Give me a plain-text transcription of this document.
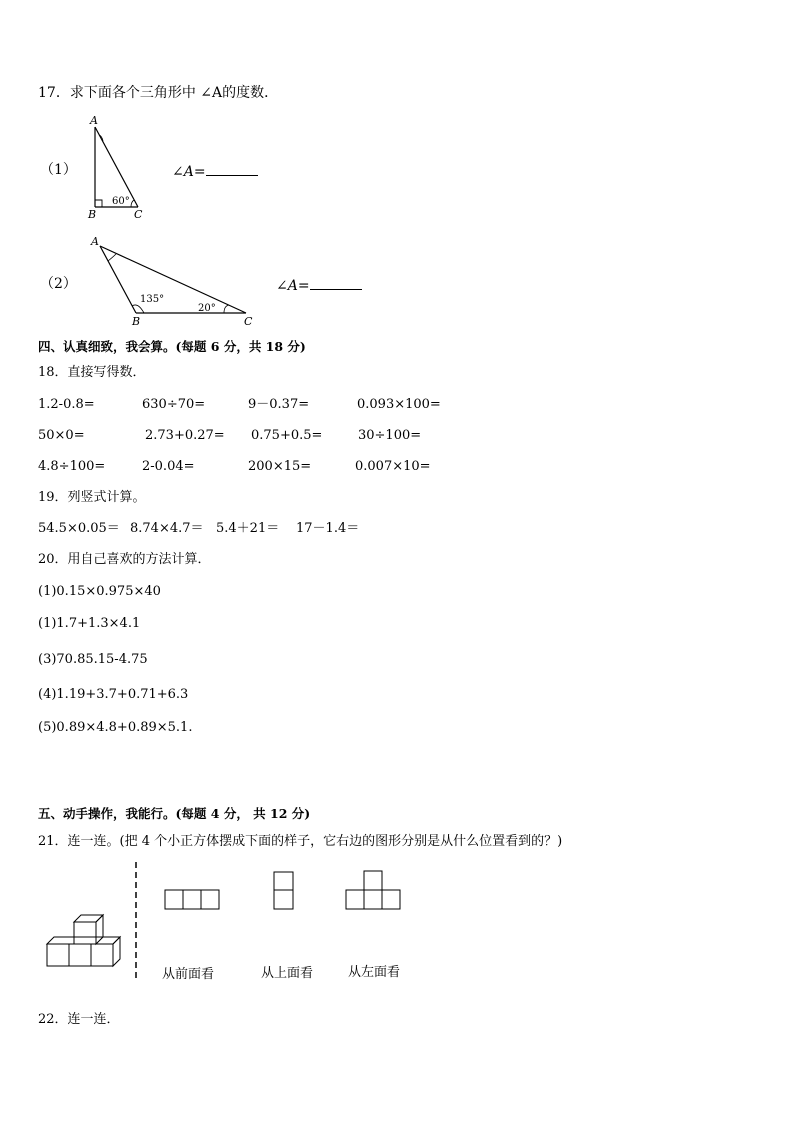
17．求下面各个三角形中 ∠A的度数．
（1）
A
B	C
60°
∠A=
（2）
A
B	C
135°
20°
∠A=
四、认真细致，我会算。(每题 6 分，共 18 分)
18．直接写得数．
1.2-0.8=	630÷70=	9－0.37=	0.093×100=
50×0=	2.73+0.27= 0.75+0.5=	30÷100=
4.8÷100=	2-0.04=	200×15=	0.007×10=
19．列竖式计算。
54.5×0.05＝ 8.74×4.7＝ 5.4＋21＝ 17－1.4＝
20．用自己喜欢的方法计算．
(1)0.15×0.975×40
(1)1.7+1.3×4.1
(3)70.85.15-4.75
(4)1.19+3.7+0.71+6.3
(5)0.89×4.8+0.89×5.1.
五、动手操作，我能行。(每题 4 分， 共 12 分)
21．连一连。(把 4 个小正方体摆成下面的样子，它右边的图形分别是从什么位置看到的？)
从前面看	从上面看	从左面看
22．连一连．
